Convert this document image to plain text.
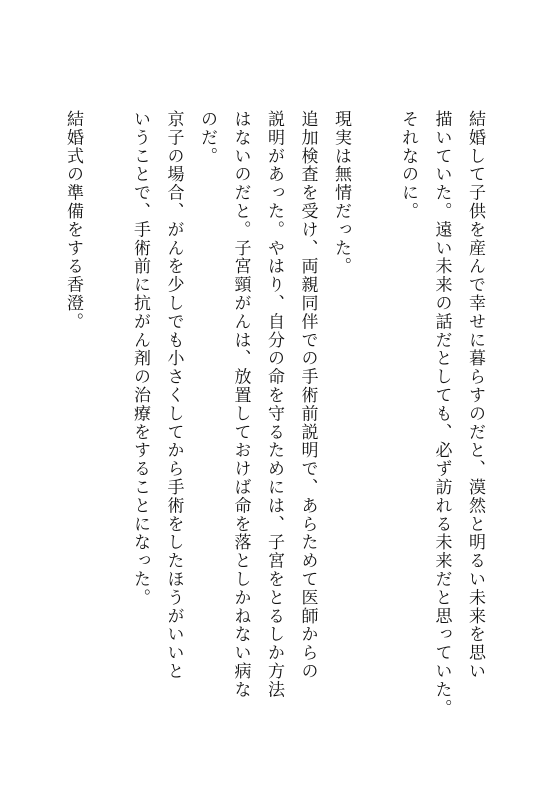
結婚して子供を産んで幸せに暮らすのだと、漠然と明るい未来を思い

描いていた。遠い未来の話だとしても、必ず訪れる未来だと思っていた。

それなのに。

現実は無情だった。

追加検査を受け、両親同伴での手術前説明で、あらためて医師からの

説明があった。やはり、自分の命を守るためには、子宮をとるしか方法

はないのだと。子宮頸がんは、放置しておけば命を落としかねない病な

のだ。

京子の場合、がんを少しでも小さくしてから手術をしたほうがいいと

いうことで、手術前に抗がん剤の治療をすることになった。

結婚式の準備をする香澄。
